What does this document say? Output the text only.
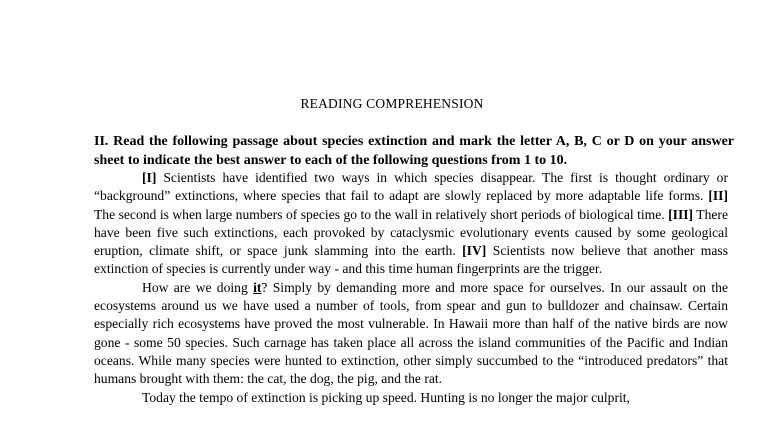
READING COMPREHENSION
II. Read the following passage about species extinction and mark the letter A, B, C or D on your answer sheet to indicate the best answer to each of the following questions from 1 to 10.

[I] Scientists have identified two ways in which species disappear. The first is thought ordinary or “background” extinctions, where species that fail to adapt are slowly replaced by more adaptable life forms. [II] The second is when large numbers of species go to the wall in relatively short periods of biological time. [III] There have been five such extinctions, each provoked by cataclysmic evolutionary events caused by some geological eruption, climate shift, or space junk slamming into the earth. [IV] Scientists now believe that another mass extinction of species is currently under way - and this time human fingerprints are the trigger.

How are we doing it? Simply by demanding more and more space for ourselves. In our assault on the ecosystems around us we have used a number of tools, from spear and gun to bulldozer and chainsaw. Certain especially rich ecosystems have proved the most vulnerable. In Hawaii more than half of the native birds are now gone - some 50 species. Such carnage has taken place all across the island communities of the Pacific and Indian oceans. While many species were hunted to extinction, other simply succumbed to the “introduced predators” that humans brought with them: the cat, the dog, the pig, and the rat.

Today the tempo of extinction is picking up speed. Hunting is no longer the major culprit,
